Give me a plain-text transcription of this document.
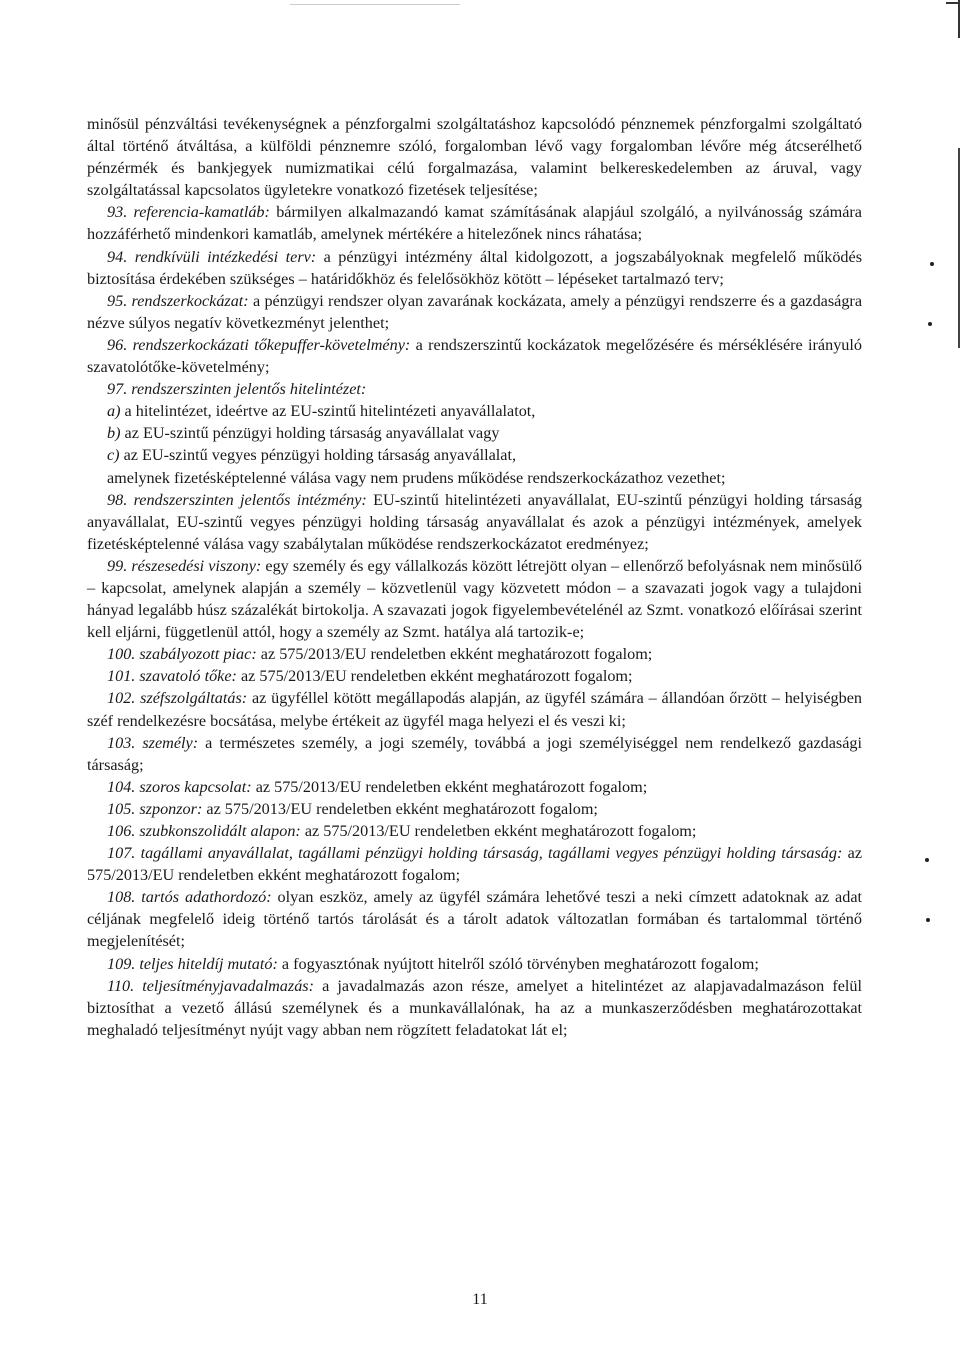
minősül pénzváltási tevékenységnek a pénzforgalmi szolgáltatáshoz kapcsolódó pénznemek pénzforgalmi szolgáltató által történő átváltása, a külföldi pénznemre szóló, forgalomban lévő vagy forgalomban lévőre még átcserélhető pénzérmék és bankjegyek numizmatikai célú forgalmazása, valamint belkereskedelemben az áruval, vagy szolgáltatással kapcsolatos ügyletekre vonatkozó fizetések teljesítése;

93. referencia-kamatláb: bármilyen alkalmazandó kamat számításának alapjául szolgáló, a nyilvánosság számára hozzáférhető mindenkori kamatláb, amelynek mértékére a hitelezőnek nincs ráhatása;

94. rendkívüli intézkedési terv: a pénzügyi intézmény által kidolgozott, a jogszabályoknak megfelelő működés biztosítása érdekében szükséges – határidőkhöz és felelősökhöz kötött – lépéseket tartalmazó terv;

95. rendszerkockázat: a pénzügyi rendszer olyan zavarának kockázata, amely a pénzügyi rendszerre és a gazdaságra nézve súlyos negatív következményt jelenthet;

96. rendszerkockázati tőkepuffer-követelmény: a rendszerszintű kockázatok megelőzésére és mérséklésére irányuló szavatolótőke-követelmény;

97. rendszerszinten jelentős hitelintézet:

a) a hitelintézet, ideértve az EU-szintű hitelintézeti anyavállalatot,

b) az EU-szintű pénzügyi holding társaság anyavállalat vagy

c) az EU-szintű vegyes pénzügyi holding társaság anyavállalat,

amelynek fizetésképtelenné válása vagy nem prudens működése rendszerkockázathoz vezethet;

98. rendszerszinten jelentős intézmény: EU-szintű hitelintézeti anyavállalat, EU-szintű pénzügyi holding társaság anyavállalat, EU-szintű vegyes pénzügyi holding társaság anyavállalat és azok a pénzügyi intézmények, amelyek fizetésképtelenné válása vagy szabálytalan működése rendszerkockázatot eredményez;

99. részesedési viszony: egy személy és egy vállalkozás között létrejött olyan – ellenőrző befolyásnak nem minősülő – kapcsolat, amelynek alapján a személy – közvetlenül vagy közvetett módon – a szavazati jogok vagy a tulajdoni hányad legalább húsz százalékát birtokolja. A szavazati jogok figyelembevételénél az Szmt. vonatkozó előírásai szerint kell eljárni, függetlenül attól, hogy a személy az Szmt. hatálya alá tartozik-e;

100. szabályozott piac: az 575/2013/EU rendeletben ekként meghatározott fogalom;

101. szavatoló tőke: az 575/2013/EU rendeletben ekként meghatározott fogalom;

102. széfszolgáltatás: az ügyféllel kötött megállapodás alapján, az ügyfél számára – állandóan őrzött – helyiségben széf rendelkezésre bocsátása, melybe értékeit az ügyfél maga helyezi el és veszi ki;

103. személy: a természetes személy, a jogi személy, továbbá a jogi személyiséggel nem rendelkező gazdasági társaság;

104. szoros kapcsolat: az 575/2013/EU rendeletben ekként meghatározott fogalom;

105. szponzor: az 575/2013/EU rendeletben ekként meghatározott fogalom;

106. szubkonszolidált alapon: az 575/2013/EU rendeletben ekként meghatározott fogalom;

107. tagállami anyavállalat, tagállami pénzügyi holding társaság, tagállami vegyes pénzügyi holding társaság: az 575/2013/EU rendeletben ekként meghatározott fogalom;

108. tartós adathordozó: olyan eszköz, amely az ügyfél számára lehetővé teszi a neki címzett adatoknak az adat céljának megfelelő ideig történő tartós tárolását és a tárolt adatok változatlan formában és tartalommal történő megjelenítését;

109. teljes hiteldíj mutató: a fogyasztónak nyújtott hitelről szóló törvényben meghatározott fogalom;

110. teljesítményjavadalmazás: a javadalmazás azon része, amelyet a hitelintézet az alapjavadalmazáson felül biztosíthat a vezető állású személynek és a munkavállalónak, ha az a munkaszerződésben meghatározottakat meghaladó teljesítményt nyújt vagy abban nem rögzített feladatokat lát el;

11
